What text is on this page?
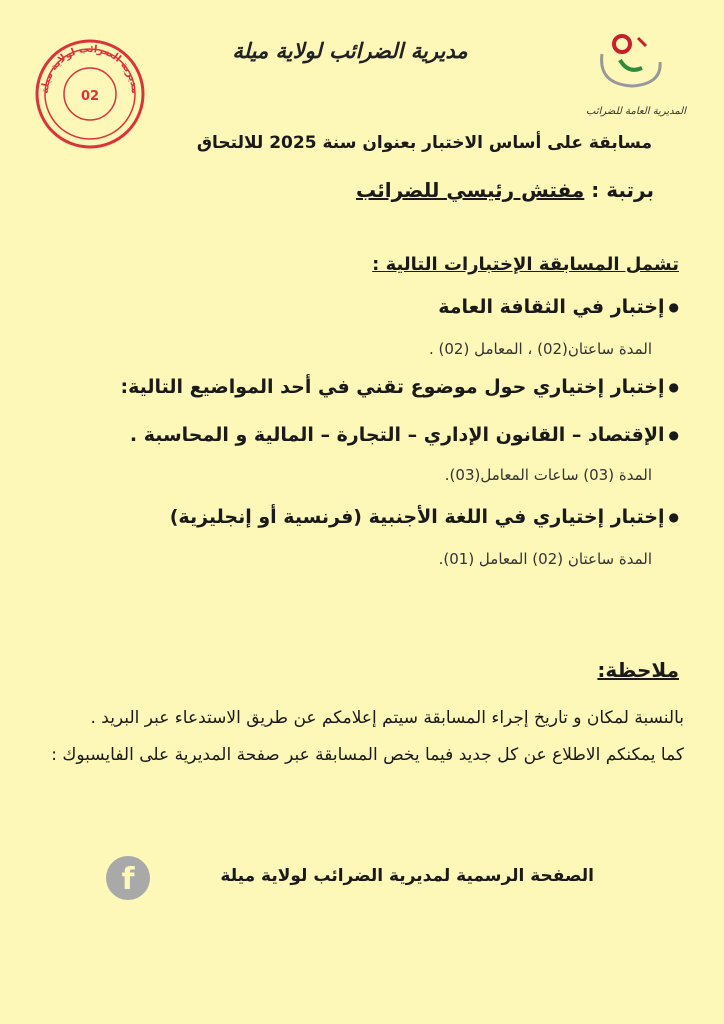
مديرية الضرائب لولاية ميلة
02
المديرية العامة للضرائب
مديرية الضرائب لولاية ميلة
مسابقة على أساس الاختبار بعنوان سنة 2025 للالتحاق
برتبة : مفتش رئيسي للضرائب
تشمل المسابقة الإختبارات التالية :
● إختبار في الثقافة العامة
المدة ساعتان(02) ، المعامل (02) .
● إختبار إختياري حول موضوع تقني في أحد المواضيع التالية:
● الإقتصاد – القانون الإداري – التجارة – المالية و المحاسبة .
المدة (03) ساعات المعامل(03).
● إختبار إختياري في اللغة الأجنبية (فرنسية أو إنجليزية)
المدة ساعتان (02) المعامل (01).
ملاحظة:
بالنسبة لمكان و تاريخ إجراء المسابقة سيتم إعلامكم عن طريق الاستدعاء عبر البريد .
كما يمكنكم الاطلاع عن كل جديد فيما يخص المسابقة عبر صفحة المديرية على الفايسبوك :
الصفحة الرسمية لمديرية الضرائب لولاية ميلة
f
